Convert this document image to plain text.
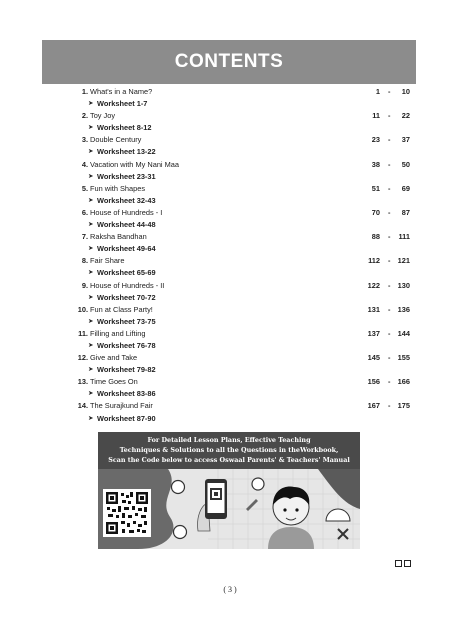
CONTENTS
1. What's in a Name?	1 -	10
➤ Worksheet 1-7
2. Toy Joy	11 -	22
➤ Worksheet 8-12
3. Double Century	23 -	37
➤ Worksheet 13-22
4. Vacation with My Nani Maa	38 -	50
➤ Worksheet 23-31
5. Fun with Shapes	51 -	69
➤ Worksheet 32-43
6. House of Hundreds - I	70 -	87
➤ Worksheet 44-48
7. Raksha Bandhan	88 -	111
➤ Worksheet 49-64
8. Fair Share	112 - 121
➤ Worksheet 65-69
9. House of Hundreds - II	122 - 130
➤ Worksheet 70-72
10. Fun at Class Party!	131 - 136
➤ Worksheet 73-75
11. Filling and Lifting	137 - 144
➤ Worksheet 76-78
12. Give and Take	145 - 155
➤ Worksheet 79-82
13. Time Goes On	156 - 166
➤ Worksheet 83-86
14. The Surajkund Fair	167 - 175
➤ Worksheet 87-90
For Detailed Lesson Plans, Effective Teaching
Techniques & Solutions to all the Questions in theWorkbook,
Scan the Code below to access Oswaal Parents' & Teachers' Manual
( 3 )
